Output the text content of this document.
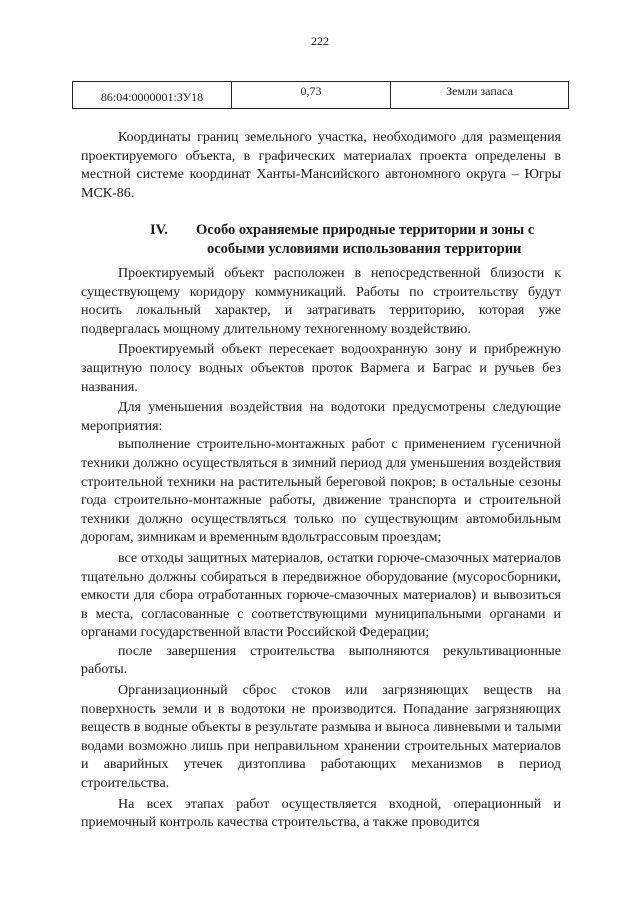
222
86:04:0000001:ЗУ18	0,73	Земли запаса

Координаты границ земельного участка, необходимого для размещения проектируемого объекта, в графических материалах проекта определены в местной системе координат Ханты-Мансийского автономного округа – Югры МСК-86.

IV. Особо охраняемые природные территории и зоны с
особыми условиями использования территории

Проектируемый объект расположен в непосредственной близости к существующему коридору коммуникаций. Работы по строительству будут носить локальный характер, и затрагивать территорию, которая уже подвергалась мощному длительному техногенному воздействию.

Проектируемый объект пересекает водоохранную зону и прибрежную защитную полосу водных объектов проток Вармега и Баграс и ручьев без названия.

Для уменьшения воздействия на водотоки предусмотрены следующие мероприятия:

выполнение строительно-монтажных работ с применением гусеничной техники должно осуществляться в зимний период для уменьшения воздействия строительной техники на растительный береговой покров; в остальные сезоны года строительно-монтажные работы, движение транспорта и строительной техники должно осуществляться только по существующим автомобильным дорогам, зимникам и временным вдольтрассовым проездам;

все отходы защитных материалов, остатки горюче-смазочных материалов тщательно должны собираться в передвижное оборудование (мусоросборники, емкости для сбора отработанных горюче-смазочных материалов) и вывозиться в места, согласованные с соответствующими муниципальными органами и органами государственной власти Российской Федерации;

после завершения строительства выполняются рекультивационные работы.

Организационный сброс стоков или загрязняющих веществ на поверхность земли и в водотоки не производится. Попадание загрязняющих веществ в водные объекты в результате размыва и выноса ливневыми и талыми водами возможно лишь при неправильном хранении строительных материалов и аварийных утечек дизтоплива работающих механизмов в период строительства.

На всех этапах работ осуществляется входной, операционный и приемочный контроль качества строительства, а также проводится
